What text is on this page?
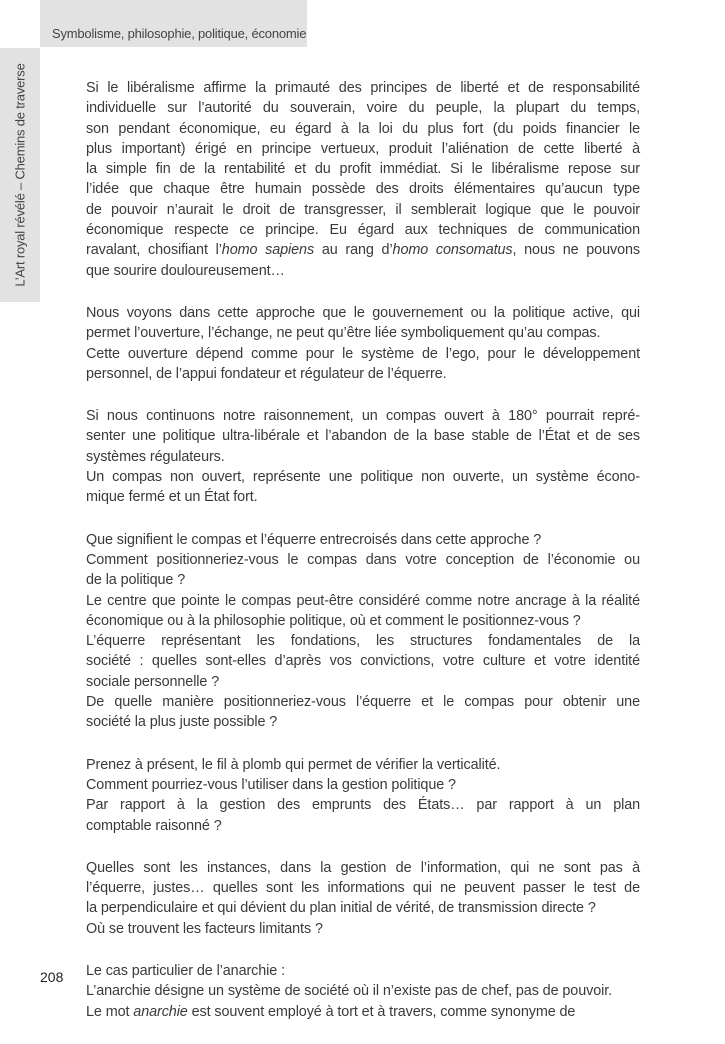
Symbolisme, philosophie, politique, économie
L’Art royal révélé – Chemins de traverse	Si le libéralisme affirme la primauté des principes de liberté et de responsabilité
individuelle sur l’autorité du souverain, voire du peuple, la plupart du temps,
son pendant économique, eu égard à la loi du plus fort (du poids financier le
plus important) érigé en principe vertueux, produit l’aliénation de cette liberté à
la simple fin de la rentabilité et du profit immédiat. Si le libéralisme repose sur
l’idée que chaque être humain possède des droits élémentaires qu’aucun type
de pouvoir n’aurait le droit de transgresser, il semblerait logique que le pouvoir
économique respecte ce principe. Eu égard aux techniques de communication
ravalant, chosifiant l’homo sapiens au rang d’homo consomatus, nous ne pouvons
que sourire douloureusement…

Nous voyons dans cette approche que le gouvernement ou la politique active, qui
permet l’ouverture, l’échange, ne peut qu’être liée symboliquement qu’au compas.
Cette ouverture dépend comme pour le système de l’ego, pour le développement
personnel, de l’appui fondateur et régulateur de l’équerre.

Si nous continuons notre raisonnement, un compas ouvert à 180° pourrait repré-
senter une politique ultra-libérale et l’abandon de la base stable de l’État et de ses
systèmes régulateurs.
Un compas non ouvert, représente une politique non ouverte, un système écono-
mique fermé et un État fort.

Que signifient le compas et l’équerre entrecroisés dans cette approche ?
Comment positionneriez-vous le compas dans votre conception de l’économie ou
de la politique ?
Le centre que pointe le compas peut-être considéré comme notre ancrage à la réalité
économique ou à la philosophie politique, où et comment le positionnez-vous ?
L’équerre représentant les fondations, les structures fondamentales de la
société : quelles sont-elles d’après vos convictions, votre culture et votre identité
sociale personnelle ?
De quelle manière positionneriez-vous l’équerre et le compas pour obtenir une
société la plus juste possible ?

Prenez à présent, le fil à plomb qui permet de vérifier la verticalité.
Comment pourriez-vous l’utiliser dans la gestion politique ?
Par rapport à la gestion des emprunts des États… par rapport à un plan
comptable raisonné ?

Quelles sont les instances, dans la gestion de l’information, qui ne sont pas à
l’équerre, justes… quelles sont les informations qui ne peuvent passer le test de
la perpendiculaire et qui dévient du plan initial de vérité, de transmission directe ?
Où se trouvent les facteurs limitants ?

Le cas particulier de l’anarchie :
L’anarchie désigne un système de société où il n’existe pas de chef, pas de pouvoir.
Le mot anarchie est souvent employé à tort et à travers, comme synonyme de

208
